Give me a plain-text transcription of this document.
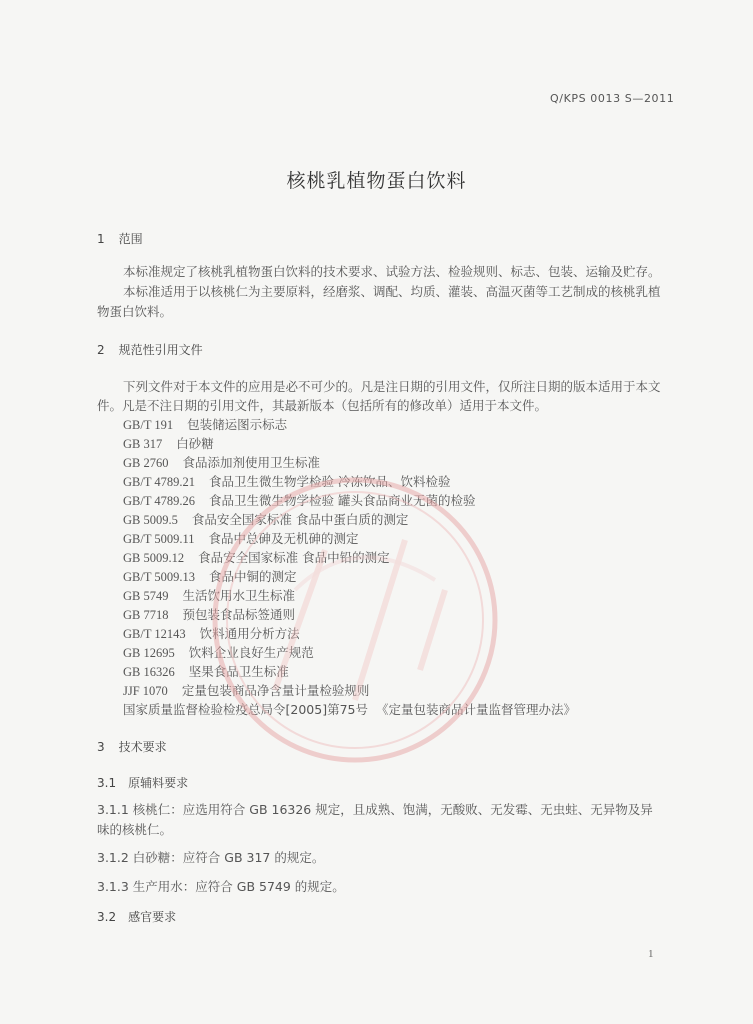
Q/KPS 0013 S—2011
核桃乳植物蛋白饮料
1 范围
本标准规定了核桃乳植物蛋白饮料的技术要求、试验方法、检验规则、标志、包装、运输及贮存。
本标准适用于以核桃仁为主要原料，经磨浆、调配、均质、灌装、高温灭菌等工艺制成的核桃乳植
物蛋白饮料。
2 规范性引用文件
下列文件对于本文件的应用是必不可少的。凡是注日期的引用文件，仅所注日期的版本适用于本文
件。凡是不注日期的引用文件，其最新版本（包括所有的修改单）适用于本文件。
GB/T 191 包装储运图示标志
GB 317 白砂糖
GB 2760 食品添加剂使用卫生标准
GB/T 4789.21 食品卫生微生物学检验 冷冻饮品、饮料检验
GB/T 4789.26 食品卫生微生物学检验 罐头食品商业无菌的检验
GB 5009.5 食品安全国家标准 食品中蛋白质的测定
GB/T 5009.11 食品中总砷及无机砷的测定
GB 5009.12 食品安全国家标准 食品中铅的测定
GB/T 5009.13 食品中铜的测定
GB 5749 生活饮用水卫生标准
GB 7718 预包装食品标签通则
GB/T 12143 饮料通用分析方法
GB 12695 饮料企业良好生产规范
GB 16326 坚果食品卫生标准
JJF 1070 定量包装商品净含量计量检验规则
国家质量监督检验检疫总局令[2005]第75号 《定量包装商品计量监督管理办法》
3 技术要求
3.1 原辅料要求
3.1.1 核桃仁：应选用符合 GB 16326 规定，且成熟、饱满，无酸败、无发霉、无虫蛀、无异物及异
味的核桃仁。
3.1.2 白砂糖：应符合 GB 317 的规定。
3.1.3 生产用水：应符合 GB 5749 的规定。
3.2 感官要求
1
